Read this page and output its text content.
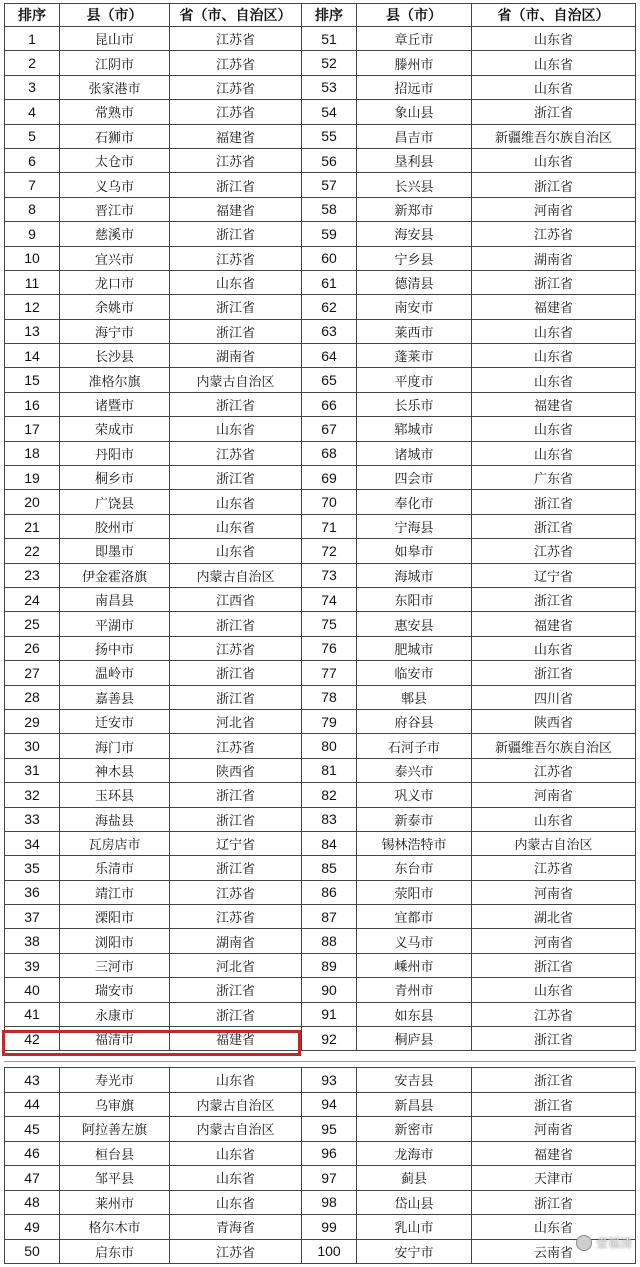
排序	县（市）	省（市、自治区）	排序	县（市）	省（市、自治区）
1	昆山市	江苏省	51	章丘市	山东省
2	江阴市	江苏省	52	滕州市	山东省
3	张家港市	江苏省	53	招远市	山东省
4	常熟市	江苏省	54	象山县	浙江省
5	石狮市	福建省	55	昌吉市	新疆维吾尔族自治区
6	太仓市	江苏省	56	垦利县	山东省
7	义乌市	浙江省	57	长兴县	浙江省
8	晋江市	福建省	58	新郑市	河南省
9	慈溪市	浙江省	59	海安县	江苏省
10	宜兴市	江苏省	60	宁乡县	湖南省
11	龙口市	山东省	61	德清县	浙江省
12	余姚市	浙江省	62	南安市	福建省
13	海宁市	浙江省	63	莱西市	山东省
14	长沙县	湖南省	64	蓬莱市	山东省
15	准格尔旗	内蒙古自治区	65	平度市	山东省
16	诸暨市	浙江省	66	长乐市	福建省
17	荣成市	山东省	67	郓城市	山东省
18	丹阳市	江苏省	68	诸城市	山东省
19	桐乡市	浙江省	69	四会市	广东省
20	广饶县	山东省	70	奉化市	浙江省
21	胶州市	山东省	71	宁海县	浙江省
22	即墨市	山东省	72	如皋市	江苏省
23	伊金霍洛旗	内蒙古自治区	73	海城市	辽宁省
24	南昌县	江西省	74	东阳市	浙江省
25	平湖市	浙江省	75	惠安县	福建省
26	扬中市	江苏省	76	肥城市	山东省
27	温岭市	浙江省	77	临安市	浙江省
28	嘉善县	浙江省	78	郫县	四川省
29	迁安市	河北省	79	府谷县	陕西省
30	海门市	江苏省	80	石河子市	新疆维吾尔族自治区
31	神木县	陕西省	81	泰兴市	江苏省
32	玉环县	浙江省	82	巩义市	河南省
33	海盐县	浙江省	83	新泰市	山东省
34	瓦房店市	辽宁省	84	锡林浩特市	内蒙古自治区
35	乐清市	浙江省	85	东台市	江苏省
36	靖江市	江苏省	86	荥阳市	河南省
37	溧阳市	江苏省	87	宜都市	湖北省
38	浏阳市	湖南省	88	义马市	河南省
39	三河市	河北省	89	嵊州市	浙江省
40	瑞安市	浙江省	90	青州市	山东省
41	永康市	浙江省	91	如东县	江苏省
42	福清市	福建省	92	桐庐县	浙江省
43	寿光市	山东省	93	安吉县	浙江省
44	乌审旗	内蒙古自治区	94	新昌县	浙江省
45	阿拉善左旗	内蒙古自治区	95	新密市	河南省
46	桓台县	山东省	96	龙海市	福建省
47	邹平县	山东省	97	蓟县	天津市
48	莱州市	山东省	98	岱山县	浙江省
49	格尔木市	青海省	99	乳山市	山东省
50	启东市	江苏省	100	安宁市	云南省
壹福清
